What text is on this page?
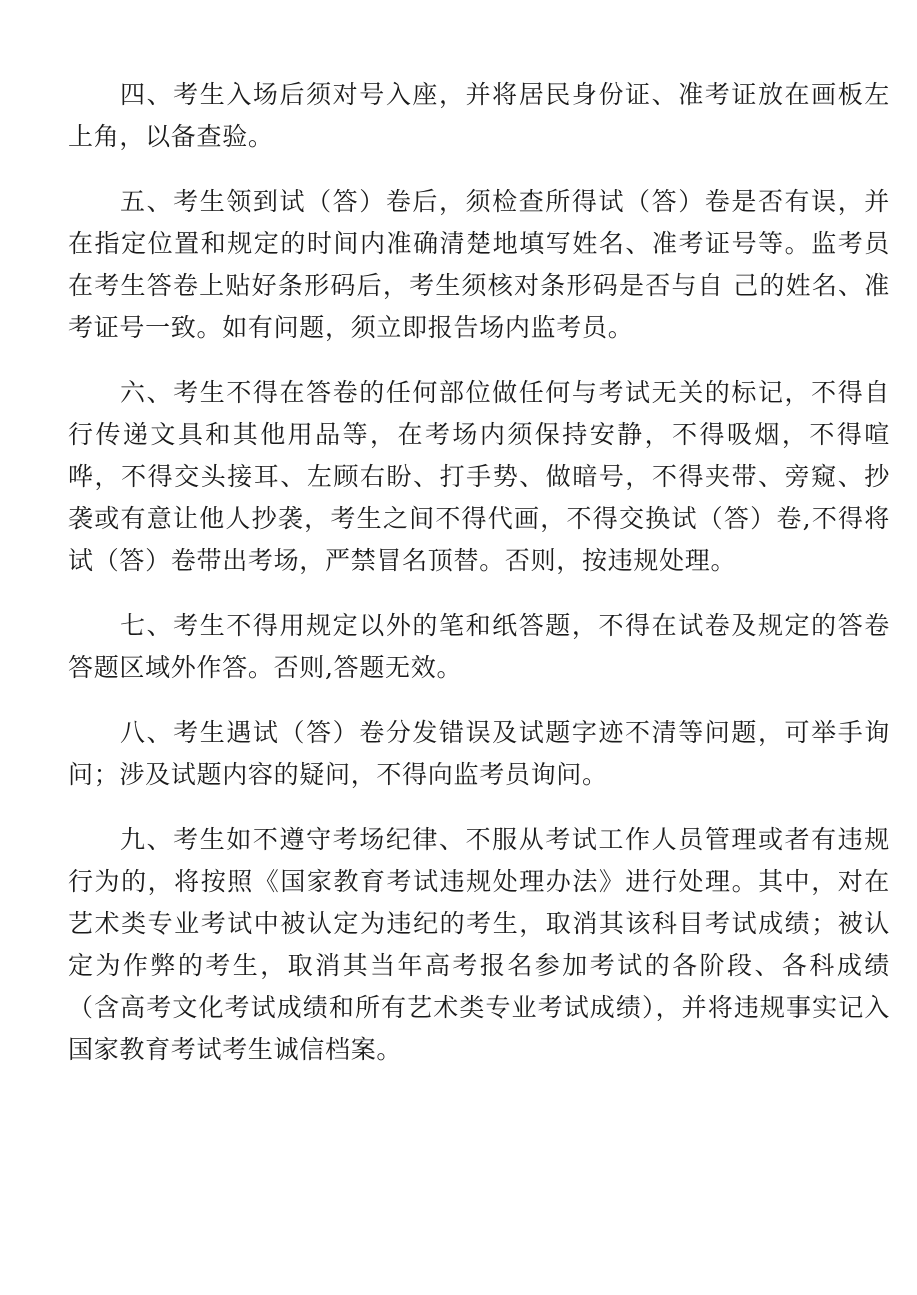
四、考生入场后须对号入座，并将居民身份证、准考证放在画板左上角，以备查验。

五、考生领到试（答）卷后，须检查所得试（答）卷是否有误，并在指定位置和规定的时间内准确清楚地填写姓名、准考证号等。监考员在考生答卷上贴好条形码后，考生须核对条形码是否与自 己的姓名、准考证号一致。如有问题，须立即报告场内监考员。

六、考生不得在答卷的任何部位做任何与考试无关的标记，不得自行传递文具和其他用品等，在考场内须保持安静，不得吸烟，不得喧哗，不得交头接耳、左顾右盼、打手势、做暗号，不得夹带、旁窥、抄袭或有意让他人抄袭，考生之间不得代画，不得交换试（答）卷,不得将试（答）卷带出考场，严禁冒名顶替。否则，按违规处理。

七、考生不得用规定以外的笔和纸答题，不得在试卷及规定的答卷答题区域外作答。否则,答题无效。

八、考生遇试（答）卷分发错误及试题字迹不清等问题，可举手询问；涉及试题内容的疑问，不得向监考员询问。

九、考生如不遵守考场纪律、不服从考试工作人员管理或者有违规行为的，将按照《国家教育考试违规处理办法》进行处理。其中，对在艺术类专业考试中被认定为违纪的考生，取消其该科目考试成绩；被认定为作弊的考生，取消其当年高考报名参加考试的各阶段、各科成绩（含高考文化考试成绩和所有艺术类专业考试成绩），并将违规事实记入国家教育考试考生诚信档案。
